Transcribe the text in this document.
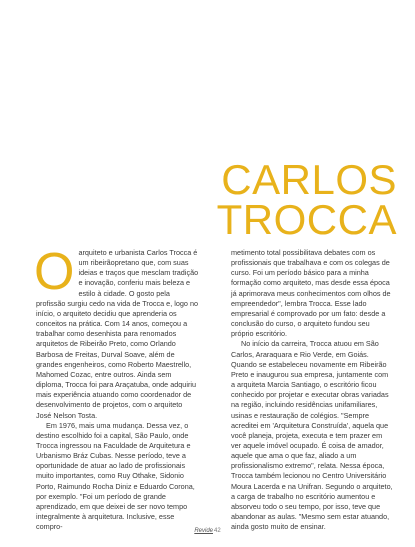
CARLOS
TROCCA

Oarquiteto e urbanista Carlos Trocca é um ribeirãopretano que, com suas ideias e traços que mesclam tradição e inovação, conferiu mais beleza e estilo à cidade. O gosto pela profissão surgiu cedo na vida de Trocca e, logo no início, o arquiteto decidiu que aprenderia os conceitos na prática. Com 14 anos, começou a trabalhar como desenhista para renomados arquitetos de Ribeirão Preto, como Orlando Barbosa de Freitas, Durval Soave, além de grandes engenheiros, como Roberto Maestrello, Mahomed Cozac, entre outros. Ainda sem diploma, Trocca foi para Araçatuba, onde adquiriu mais experiência atuando como coordenador de desenvolvimento de projetos, com o arquiteto José Nelson Tosta.

Em 1976, mais uma mudança. Dessa vez, o destino escolhido foi a capital, São Paulo, onde Trocca ingressou na Faculdade de Arquitetura e Urbanismo Bráz Cubas. Nesse período, teve a oportunidade de atuar ao lado de profissionais muito importantes, como Ruy Othake, Sidonio Porto, Raimundo Rocha Diniz e Eduardo Corona, por exemplo. "Foi um período de grande aprendizado, em que deixei de ser novo tempo integralmente à arquitetura. Inclusive, esse compro-

metimento total possibilitava debates com os profissionais que trabalhava e com os colegas de curso. Foi um período básico para a minha formação como arquiteto, mas desde essa época já aprimorava meus conhecimentos com olhos de empreendedor", lembra Trocca. Esse lado empresarial é comprovado por um fato: desde a conclusão do curso, o arquiteto fundou seu próprio escritório.

No início da carreira, Trocca atuou em São Carlos, Araraquara e Rio Verde, em Goiás. Quando se estabeleceu novamente em Ribeirão Preto e inaugurou sua empresa, juntamente com a arquiteta Marcia Santiago, o escritório ficou conhecido por projetar e executar obras variadas na região, incluindo residências unifamiliares, usinas e restauração de colégios. "Sempre acreditei em 'Arquitetura Construída', aquela que você planeja, projeta, executa e tem prazer em ver aquele imóvel ocupado. É coisa de amador, aquele que ama o que faz, aliado a um profissionalismo extremo", relata. Nessa época, Trocca também lecionou no Centro Universitário Moura Lacerda e na Unifran. Segundo o arquiteto, a carga de trabalho no escritório aumentou e absorveu todo o seu tempo, por isso, teve que abandonar as aulas. "Mesmo sem estar atuando, ainda gosto muito de ensinar.

Revide42
